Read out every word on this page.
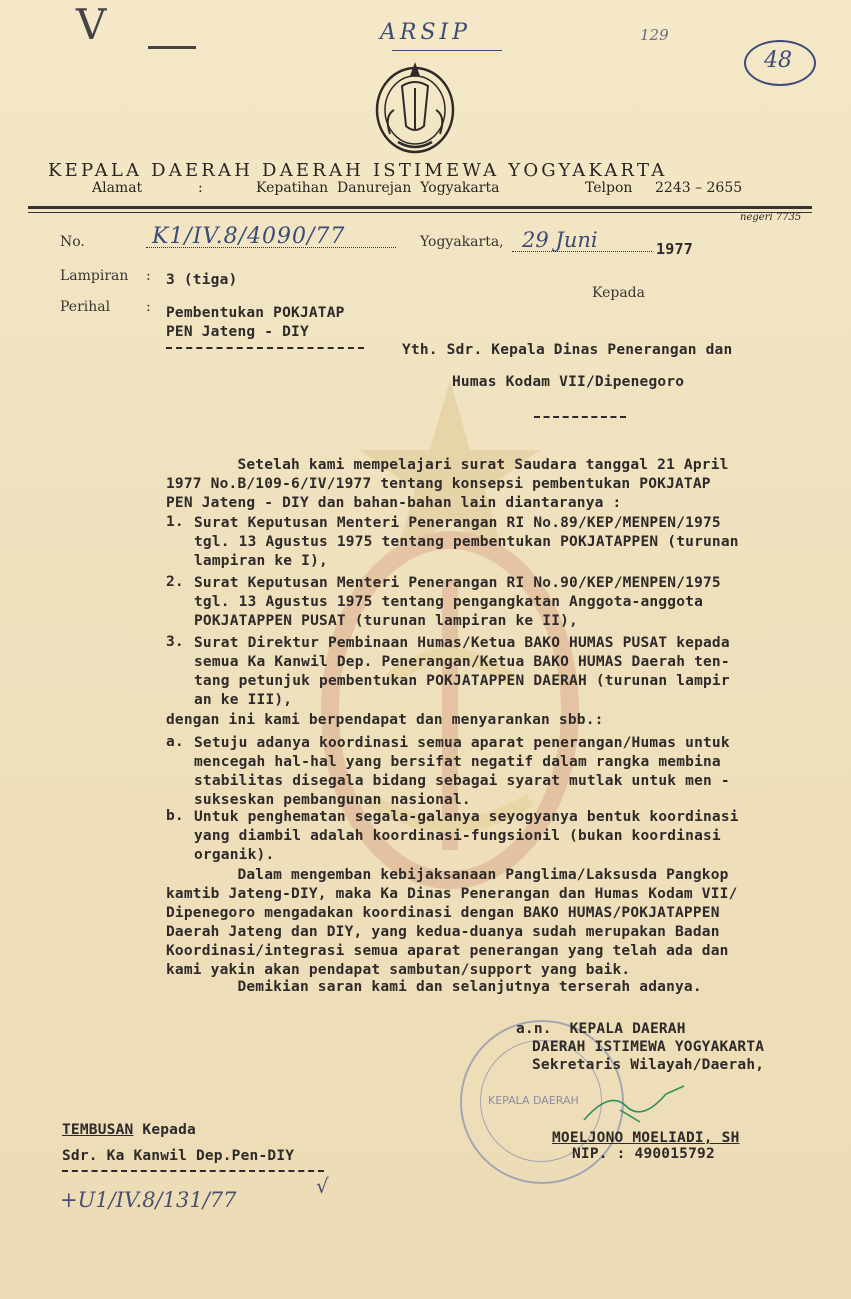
V	ARSIP	129
48
KEPALA DAERAH DAERAH ISTIMEWA YOGYAKARTA
Alamat	:	Kepatihan  Danurejan  Yogyakarta	Telpon 2243 – 2655
negeri 7735
No.	K1/IV.8/4090/77	Yogyakarta, 29 Juni	1977
Lampiran : 3 (tiga)
Perihal	: Pembentukan POKJATAP
PEN Jateng - DIY
Kepada
Yth. Sdr. Kepala Dinas Penerangan dan
Humas Kodam VII/Dipenegoro
Setelah kami mempelajari surat Saudara tanggal 21 April
1977 No.B/109-6/IV/1977 tentang konsepsi pembentukan POKJATAP
PEN Jateng - DIY dan bahan-bahan lain diantaranya :
1. Surat Keputusan Menteri Penerangan RI No.89/KEP/MENPEN/1975
tgl. 13 Agustus 1975 tentang pembentukan POKJATAPPEN (turunan
lampiran ke I),
2. Surat Keputusan Menteri Penerangan RI No.90/KEP/MENPEN/1975
tgl. 13 Agustus 1975 tentang pengangkatan Anggota-anggota
POKJATAPPEN PUSAT (turunan lampiran ke II),
3. Surat Direktur Pembinaan Humas/Ketua BAKO HUMAS PUSAT kepada
semua Ka Kanwil Dep. Penerangan/Ketua BAKO HUMAS Daerah ten-
tang petunjuk pembentukan POKJATAPPEN DAERAH (turunan lampir
an ke III),
dengan ini kami berpendapat dan menyarankan sbb.:
a. Setuju adanya koordinasi semua aparat penerangan/Humas untuk
mencegah hal-hal yang bersifat negatif dalam rangka membina
stabilitas disegala bidang sebagai syarat mutlak untuk men -
sukseskan pembangunan nasional.
b. Untuk penghematan segala-galanya seyogyanya bentuk koordinasi
yang diambil adalah koordinasi-fungsionil (bukan koordinasi
organik).
Dalam mengemban kebijaksanaan Panglima/Laksusda Pangkop
kamtib Jateng-DIY, maka Ka Dinas Penerangan dan Humas Kodam VII/
Dipenegoro mengadakan koordinasi dengan BAKO HUMAS/POKJATAPPEN
Daerah Jateng dan DIY, yang kedua-duanya sudah merupakan Badan
Koordinasi/integrasi semua aparat penerangan yang telah ada dan
kami yakin akan pendapat sambutan/support yang baik.
Demikian saran kami dan selanjutnya terserah adanya.
KEPALA DAERAH
a.n.  KEPALA DAERAH
DAERAH ISTIMEWA YOGYAKARTA
Sekretaris Wilayah/Daerah,
MOELJONO MOELIADI, SH
NIP. : 490015792
TEMBUSAN Kepada
Sdr. Ka Kanwil Dep.Pen-DIY
+U1/IV.8/131/77
√
